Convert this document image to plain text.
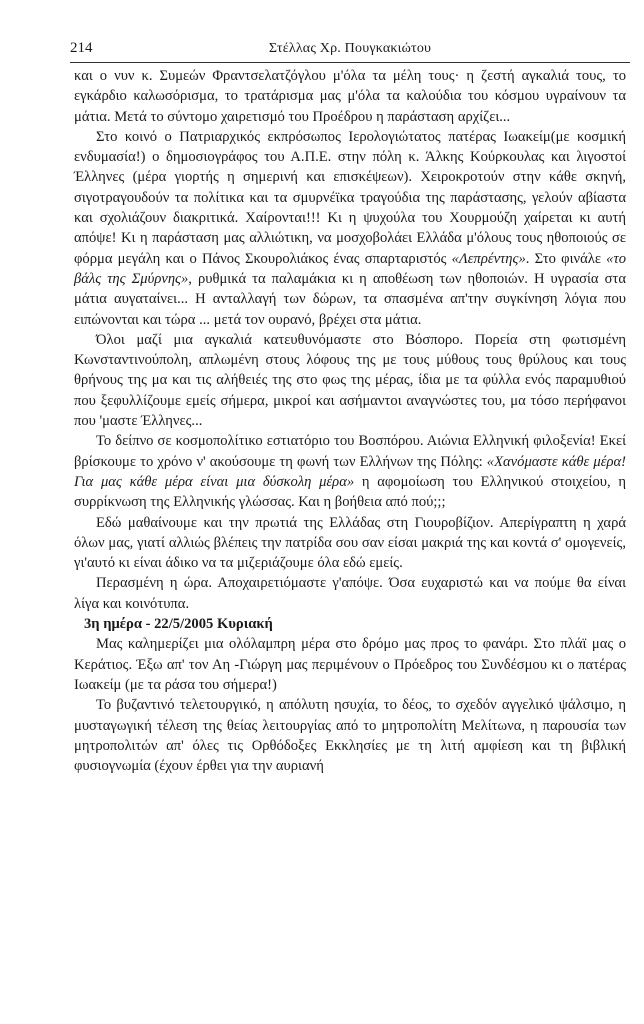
214	Στέλλας Χρ. Πουγκακιώτου

και ο νυν κ. Συμεών Φραντσελατζόγλου μ'όλα τα μέλη τους· η ζεστή αγκαλιά τους, το εγκάρδιο καλωσόρισμα, το τρατάρισμα μας μ'όλα τα καλούδια του κόσμου υγραίνουν τα μάτια. Μετά το σύντομο χαιρετισμό του Προέδρου η παράσταση αρχίζει...

Στο κοινό ο Πατριαρχικός εκπρόσωπος Ιερολογιώτατος πατέρας Ιωακείμ(με κοσμική ενδυμασία!) ο δημοσιογράφος του Α.Π.Ε. στην πόλη κ. Άλκης Κούρκουλας και λιγοστοί Έλληνες (μέρα γιορτής η σημερινή και επισκέψεων). Χειροκροτούν στην κάθε σκηνή, σιγοτραγουδούν τα πολίτικα και τα σμυρνέϊκα τραγούδια της παράστασης, γελούν αβίαστα και σχολιάζουν διακριτικά. Χαίρονται!!! Κι η ψυχούλα του Χουρμούζη χαίρεται κι αυτή απόψε! Κι η παράσταση μας αλλιώτικη, να μοσχοβολάει Ελλάδα μ'όλους τους ηθοποιούς σε φόρμα μεγάλη και ο Πάνος Σκουρολιάκος ένας σπαρταριστός «Λεπρέντης». Στο φινάλε «το βάλς της Σμύρνης», ρυθμικά τα παλαμάκια κι η αποθέωση των ηθοποιών. Η υγρασία στα μάτια αυγαταίνει... Η ανταλλαγή των δώρων, τα σπασμένα απ'την συγκίνηση λόγια που ειπώνονται και τώρα ... μετά τον ουρανό, βρέχει στα μάτια.

Όλοι μαζί μια αγκαλιά κατευθυνόμαστε στο Βόσπορο. Πορεία στη φωτισμένη Κωνσταντινούπολη, απλωμένη στους λόφους της με τους μύθους τους θρύλους και τους θρήνους της μα και τις αλήθειές της στο φως της μέρας, ίδια με τα φύλλα ενός παραμυθιού που ξεφυλλίζουμε εμείς σήμερα, μικροί και ασήμαντοι αναγνώστες του, μα τόσο περήφανοι που 'μαστε Έλληνες...

Το δείπνο σε κοσμοπολίτικο εστιατόριο του Βοσπόρου. Αιώνια Ελληνική φιλοξενία! Εκεί βρίσκουμε το χρόνο ν' ακούσουμε τη φωνή των Ελλήνων της Πόλης: «Χανόμαστε κάθε μέρα! Για μας κάθε μέρα είναι μια δύσκολη μέρα» η αφομοίωση του Ελληνικού στοιχείου, η συρρίκνωση της Ελληνικής γλώσσας. Και η βοήθεια από πού;;;

Εδώ μαθαίνουμε και την πρωτιά της Ελλάδας στη Γιουροβίζιον. Απερίγραπτη η χαρά όλων μας, γιατί αλλιώς βλέπεις την πατρίδα σου σαν είσαι μακριά της και κοντά σ' ομογενείς, γι'αυτό κι είναι άδικο να τα μιζεριάζουμε όλα εδώ εμείς.

Περασμένη η ώρα. Αποχαιρετιόμαστε γ'απόψε. Όσα ευχαριστώ και να πούμε θα είναι λίγα και κοινότυπα.

3η ημέρα - 22/5/2005 Κυριακή

Μας καλημερίζει μια ολόλαμπρη μέρα στο δρόμο μας προς το φανάρι. Στο πλάϊ μας ο Κεράτιος. Έξω απ' τον Αη -Γιώργη μας περιμένουν ο Πρόεδρος του Συνδέσμου κι ο πατέρας Ιωακείμ (με τα ράσα του σήμερα!)

Το βυζαντινό τελετουργικό, η απόλυτη ησυχία, το δέος, το σχεδόν αγγελικό ψάλσιμο, η μυσταγωγική τέλεση της θείας λειτουργίας από το μητροπολίτη Μελίτωνα, η παρουσία των μητροπολιτών απ' όλες τις Ορθόδοξες Εκκλησίες με τη λιτή αμφίεση και τη βιβλική φυσιογνωμία (έχουν έρθει για την αυριανή
